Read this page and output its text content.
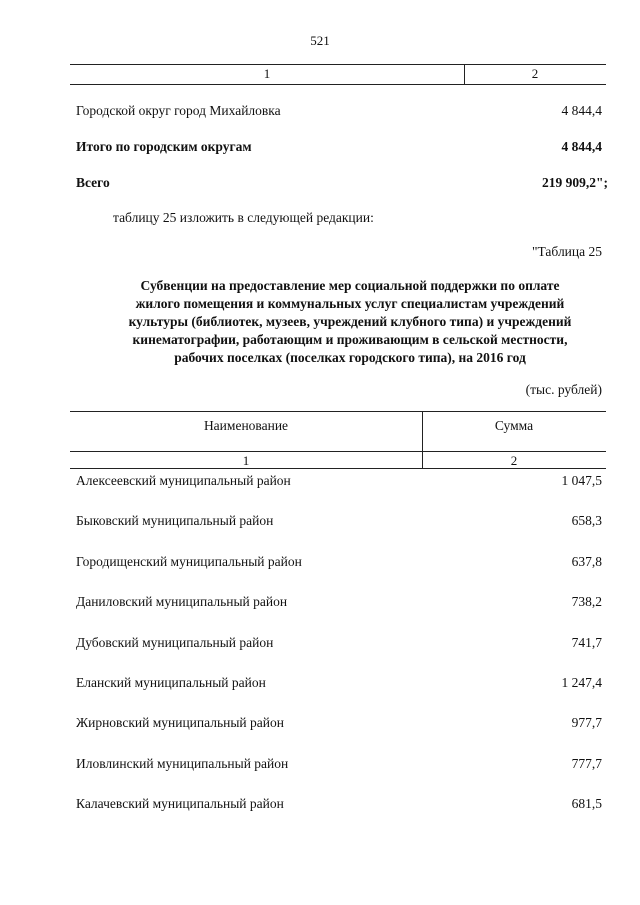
521
1	2
Городской округ город Михайловка	4 844,4
Итого по городским округам	4 844,4
Всего	219 909,2";
таблицу 25 изложить в следующей редакции:
"Таблица 25
Субвенции на предоставление мер социальной поддержки по оплате
жилого помещения и коммунальных услуг специалистам учреждений
культуры (библиотек, музеев, учреждений клубного типа) и учреждений
кинематографии, работающим и проживающим в сельской местности,
рабочих поселках (поселках городского типа), на 2016 год
(тыс. рублей)
Наименование	Сумма
1	2
Алексеевский муниципальный район	1 047,5
Быковский муниципальный район	658,3
Городищенский муниципальный район	637,8
Даниловский муниципальный район	738,2
Дубовский муниципальный район	741,7
Еланский муниципальный район	1 247,4
Жирновский муниципальный район	977,7
Иловлинский муниципальный район	777,7
Калачевский муниципальный район	681,5
